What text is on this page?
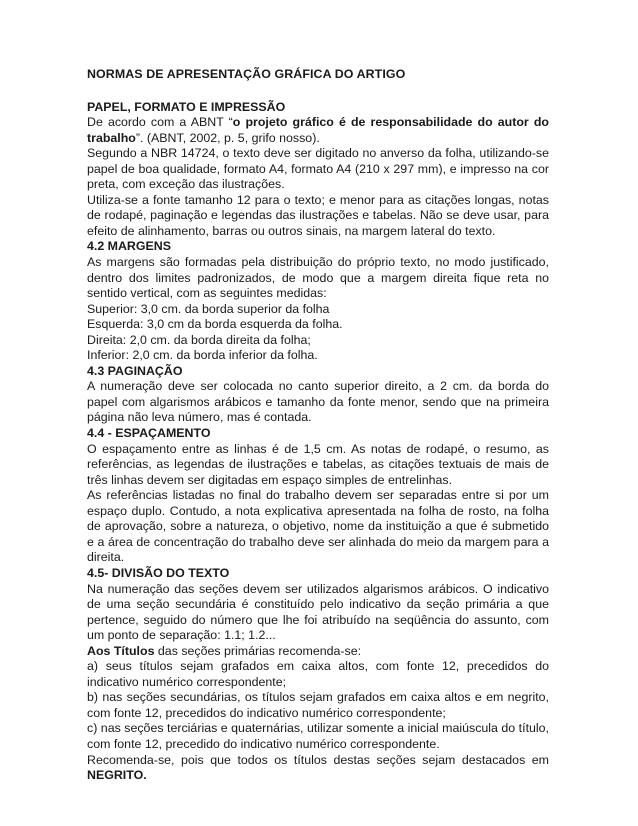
NORMAS DE APRESENTAÇÃO GRÁFICA DO ARTIGO
PAPEL, FORMATO E IMPRESSÃO

De acordo com a ABNT “o projeto gráfico é de responsabilidade do autor do trabalho”. (ABNT, 2002, p. 5, grifo nosso).

Segundo a NBR 14724, o texto deve ser digitado no anverso da folha, utilizando-se papel de boa qualidade, formato A4, formato A4 (210 x 297 mm), e impresso na cor preta, com exceção das ilustrações.

Utiliza-se a fonte tamanho 12 para o texto; e menor para as citações longas, notas de rodapé, paginação e legendas das ilustrações e tabelas. Não se deve usar, para efeito de alinhamento, barras ou outros sinais, na margem lateral do texto.

4.2 MARGENS

As margens são formadas pela distribuição do próprio texto, no modo justificado, dentro dos limites padronizados, de modo que a margem direita fique reta no sentido vertical, com as seguintes medidas:

Superior: 3,0 cm. da borda superior da folha

Esquerda: 3,0 cm da borda esquerda da folha.

Direita: 2,0 cm. da borda direita da folha;

Inferior: 2,0 cm. da borda inferior da folha.

4.3 PAGINAÇÃO

A numeração deve ser colocada no canto superior direito, a 2 cm. da borda do papel com algarismos arábicos e tamanho da fonte menor, sendo que na primeira página não leva número, mas é contada.

4.4 - ESPAÇAMENTO

O espaçamento entre as linhas é de 1,5 cm. As notas de rodapé, o resumo, as referências, as legendas de ilustrações e tabelas, as citações textuais de mais de três linhas devem ser digitadas em espaço simples de entrelinhas.

As referências listadas no final do trabalho devem ser separadas entre si por um espaço duplo. Contudo, a nota explicativa apresentada na folha de rosto, na folha de aprovação, sobre a natureza, o objetivo, nome da instituição a que é submetido e a área de concentração do trabalho deve ser alinhada do meio da margem para a direita.

4.5- DIVISÃO DO TEXTO

Na numeração das seções devem ser utilizados algarismos arábicos. O indicativo de uma seção secundária é constituído pelo indicativo da seção primária a que pertence, seguido do número que lhe foi atribuído na seqüência do assunto, com um ponto de separação: 1.1; 1.2...

Aos Títulos das seções primárias recomenda-se:

a) seus títulos sejam grafados em caixa altos, com fonte 12, precedidos do indicativo numérico correspondente;

b) nas seções secundárias, os títulos sejam grafados em caixa altos e em negrito, com fonte 12, precedidos do indicativo numérico correspondente;

c) nas seções terciárias e quaternárias, utilizar somente a inicial maiúscula do título, com fonte 12, precedido do indicativo numérico correspondente.

Recomenda-se, pois que todos os títulos destas seções sejam destacados em NEGRITO.
